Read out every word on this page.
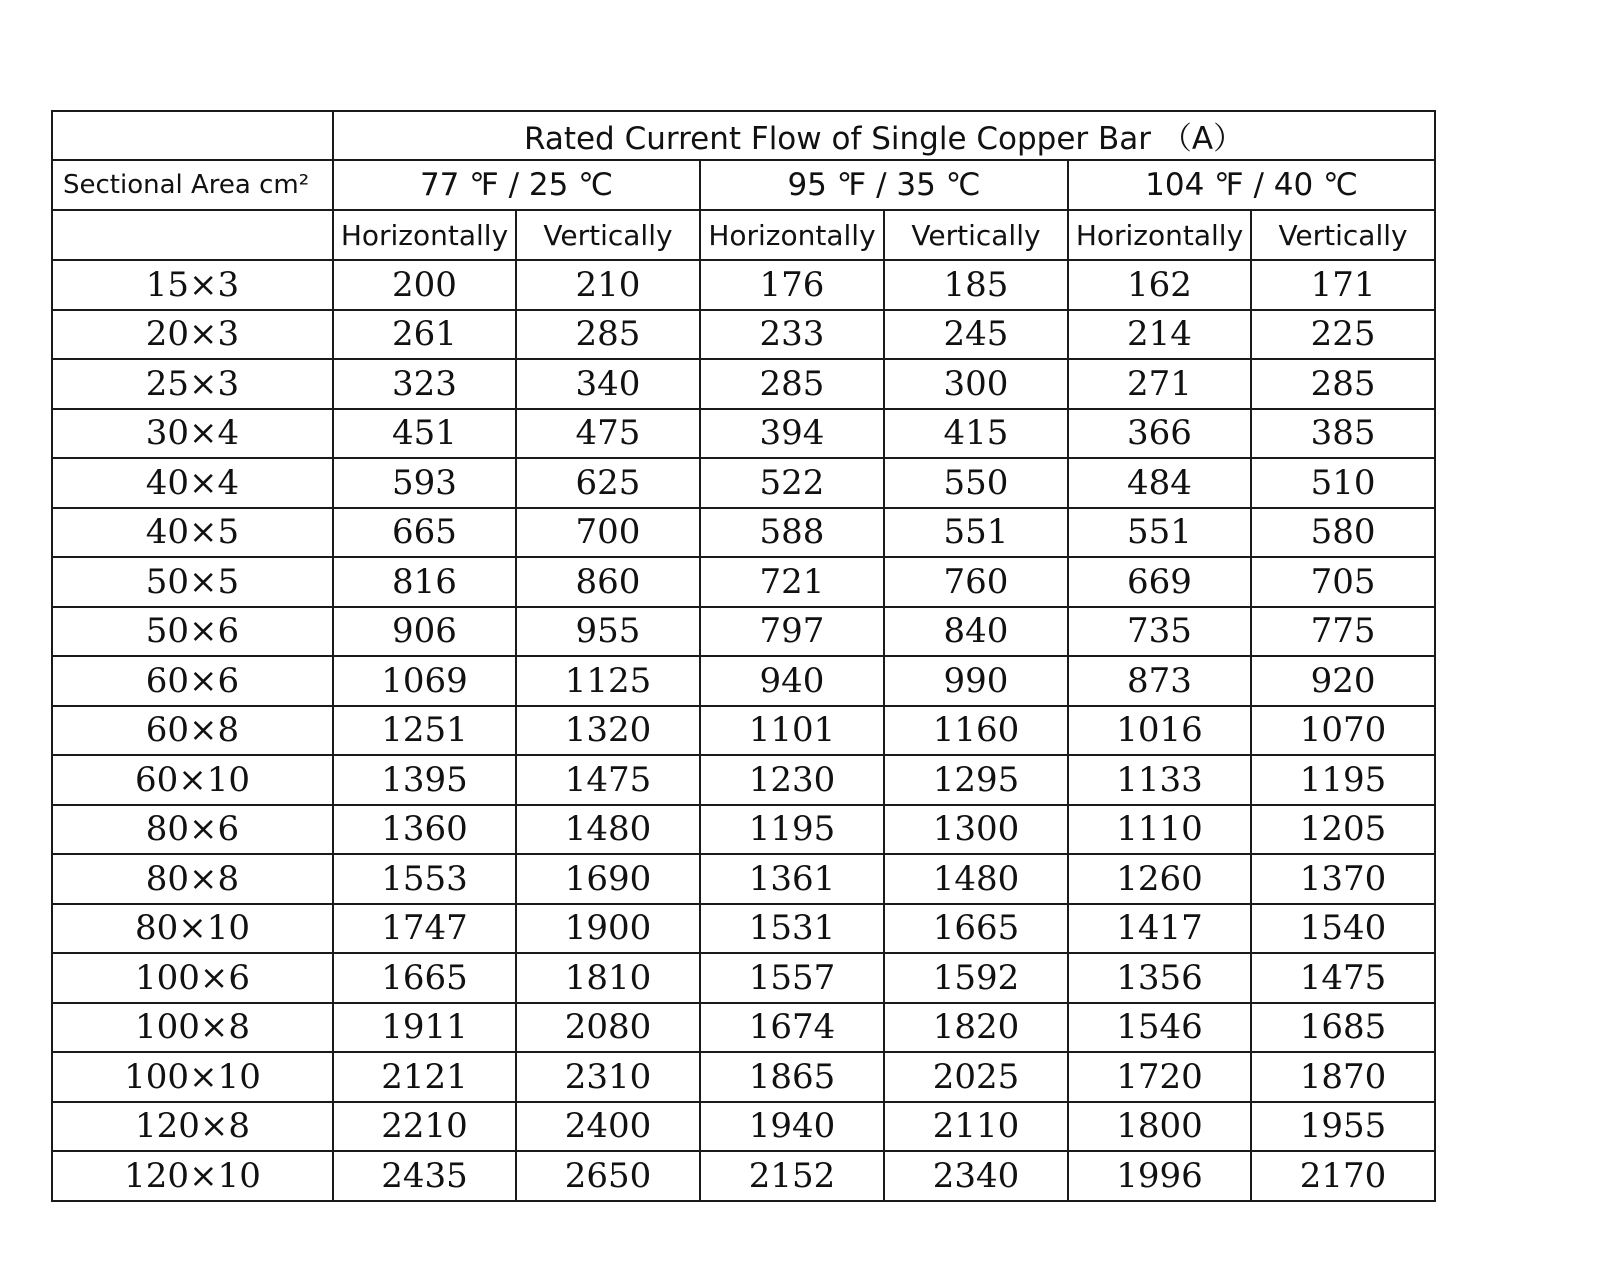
	Rated Current Flow of Single Copper Bar （A）					
Sectional Area cm²	77 ℉ / 25 ℃		95 ℉ / 35 ℃		104 ℉ / 40 ℃	
	Horizontally	Vertically	Horizontally	Vertically	Horizontally	Vertically
15×3	200	210	176	185	162	171
20×3	261	285	233	245	214	225
25×3	323	340	285	300	271	285
30×4	451	475	394	415	366	385
40×4	593	625	522	550	484	510
40×5	665	700	588	551	551	580
50×5	816	860	721	760	669	705
50×6	906	955	797	840	735	775
60×6	1069	1125	940	990	873	920
60×8	1251	1320	1101	1160	1016	1070
60×10	1395	1475	1230	1295	1133	1195
80×6	1360	1480	1195	1300	1110	1205
80×8	1553	1690	1361	1480	1260	1370
80×10	1747	1900	1531	1665	1417	1540
100×6	1665	1810	1557	1592	1356	1475
100×8	1911	2080	1674	1820	1546	1685
100×10	2121	2310	1865	2025	1720	1870
120×8	2210	2400	1940	2110	1800	1955
120×10	2435	2650	2152	2340	1996	2170
